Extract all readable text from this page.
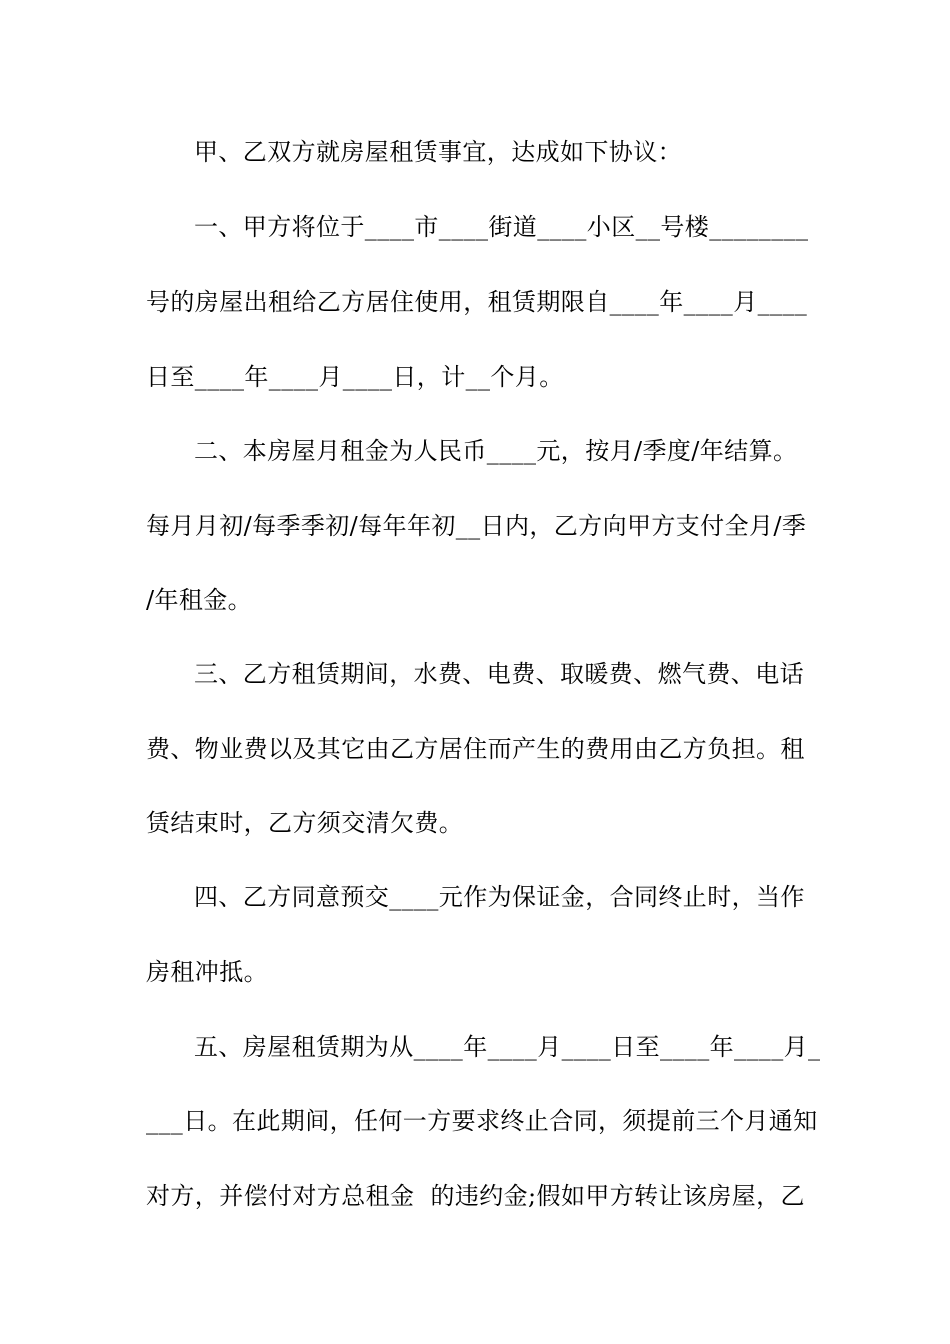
甲、乙双方就房屋租赁事宜，达成如下协议：
一、甲方将位于____市____街道____小区__号楼________
号的房屋出租给乙方居住使用，租赁期限自____年____月____
日至____年____月____日，计__个月。
二、本房屋月租金为人民币____元，按月/季度/年结算。
每月月初/每季季初/每年年初__日内，乙方向甲方支付全月/季
/年租金。
三、乙方租赁期间，水费、电费、取暖费、燃气费、电话
费、物业费以及其它由乙方居住而产生的费用由乙方负担。租
赁结束时，乙方须交清欠费。
四、乙方同意预交____元作为保证金，合同终止时，当作
房租冲抵。
五、房屋租赁期为从____年____月____日至____年____月_
___日。在此期间，任何一方要求终止合同，须提前三个月通知
对方，并偿付对方总租金  的违约金;假如甲方转让该房屋，乙
